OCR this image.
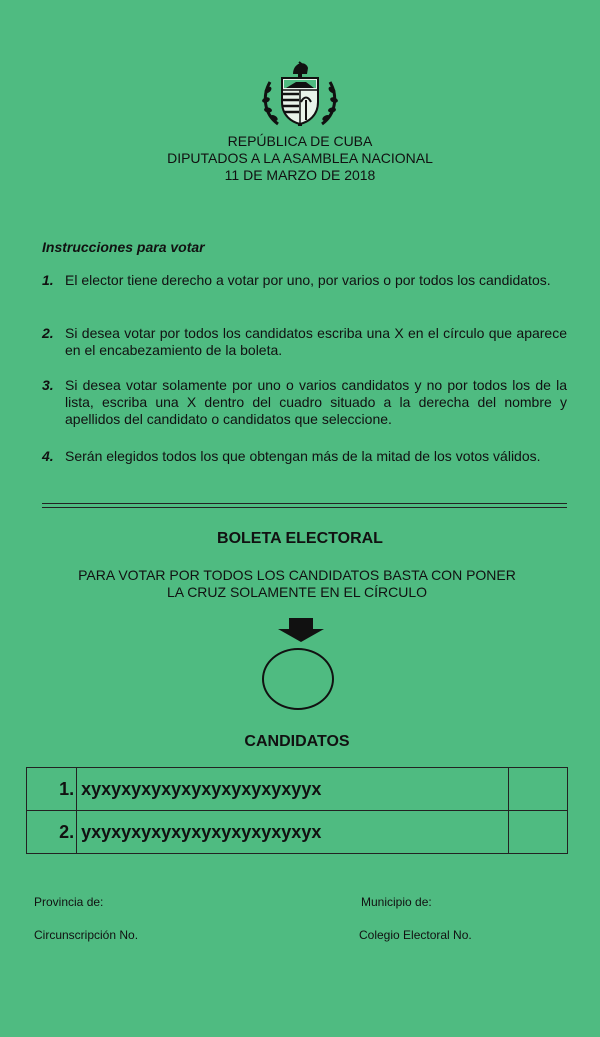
REPÚBLICA DE CUBA
DIPUTADOS A LA ASAMBLEA NACIONAL
11 DE MARZO DE 2018
Instrucciones para votar
1. El elector tiene derecho a votar por uno, por varios o por todos los candidatos.
2. Si desea votar por todos los candidatos escriba una X en el círculo que aparece en el encabezamiento de la boleta.
3. Si desea votar solamente por uno o varios candidatos y no por todos los de la lista, escriba una X dentro del cuadro situado a la derecha del nombre y apellidos del candidato o candidatos que seleccione.
4. Serán elegidos todos los que obtengan más de la mitad de los votos válidos.
BOLETA ELECTORAL
PARA VOTAR POR TODOS LOS CANDIDATOS BASTA CON PONER
LA CRUZ SOLAMENTE EN EL CÍRCULO
CANDIDATOS
1.	xyxyxyxyxyxyxyxyxyxyxyyx	
2.	yxyxyxyxyxyxyxyxyxyxyxyx	
Provincia de:	Municipio de:
Circunscripción No.	Colegio Electoral No.
